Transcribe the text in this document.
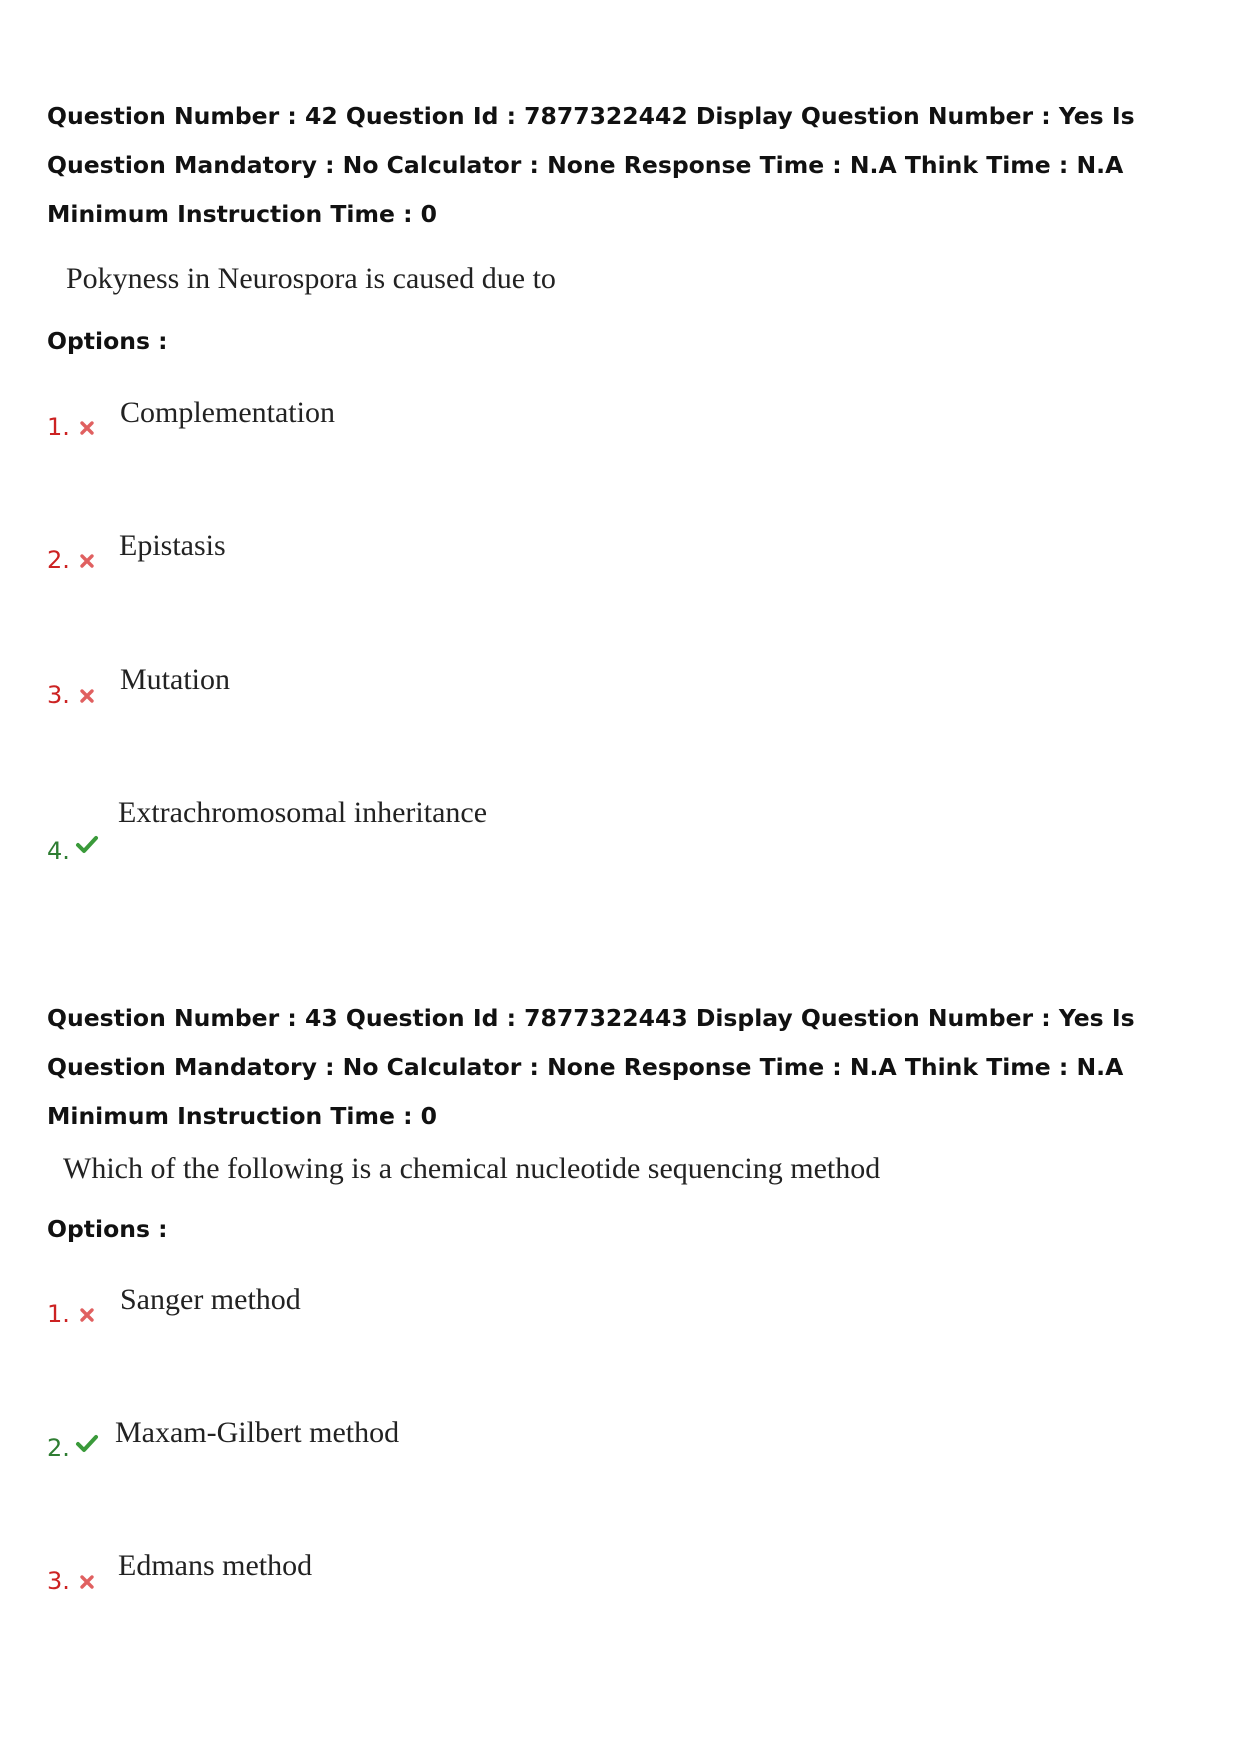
Question Number : 42 Question Id : 7877322442 Display Question Number : Yes Is Question Mandatory : No Calculator : None Response Time : N.A Think Time : N.A Minimum Instruction Time : 0

Pokyness in Neurospora is caused due to

Options :

1. Complementation
2. Epistasis
3. Mutation
4.
Extrachromosomal inheritance

Question Number : 43 Question Id : 7877322443 Display Question Number : Yes Is Question Mandatory : No Calculator : None Response Time : N.A Think Time : N.A Minimum Instruction Time : 0

Which of the following is a chemical nucleotide sequencing method

Options :

1. Sanger method
2. Maxam-Gilbert method
3. Edmans method
